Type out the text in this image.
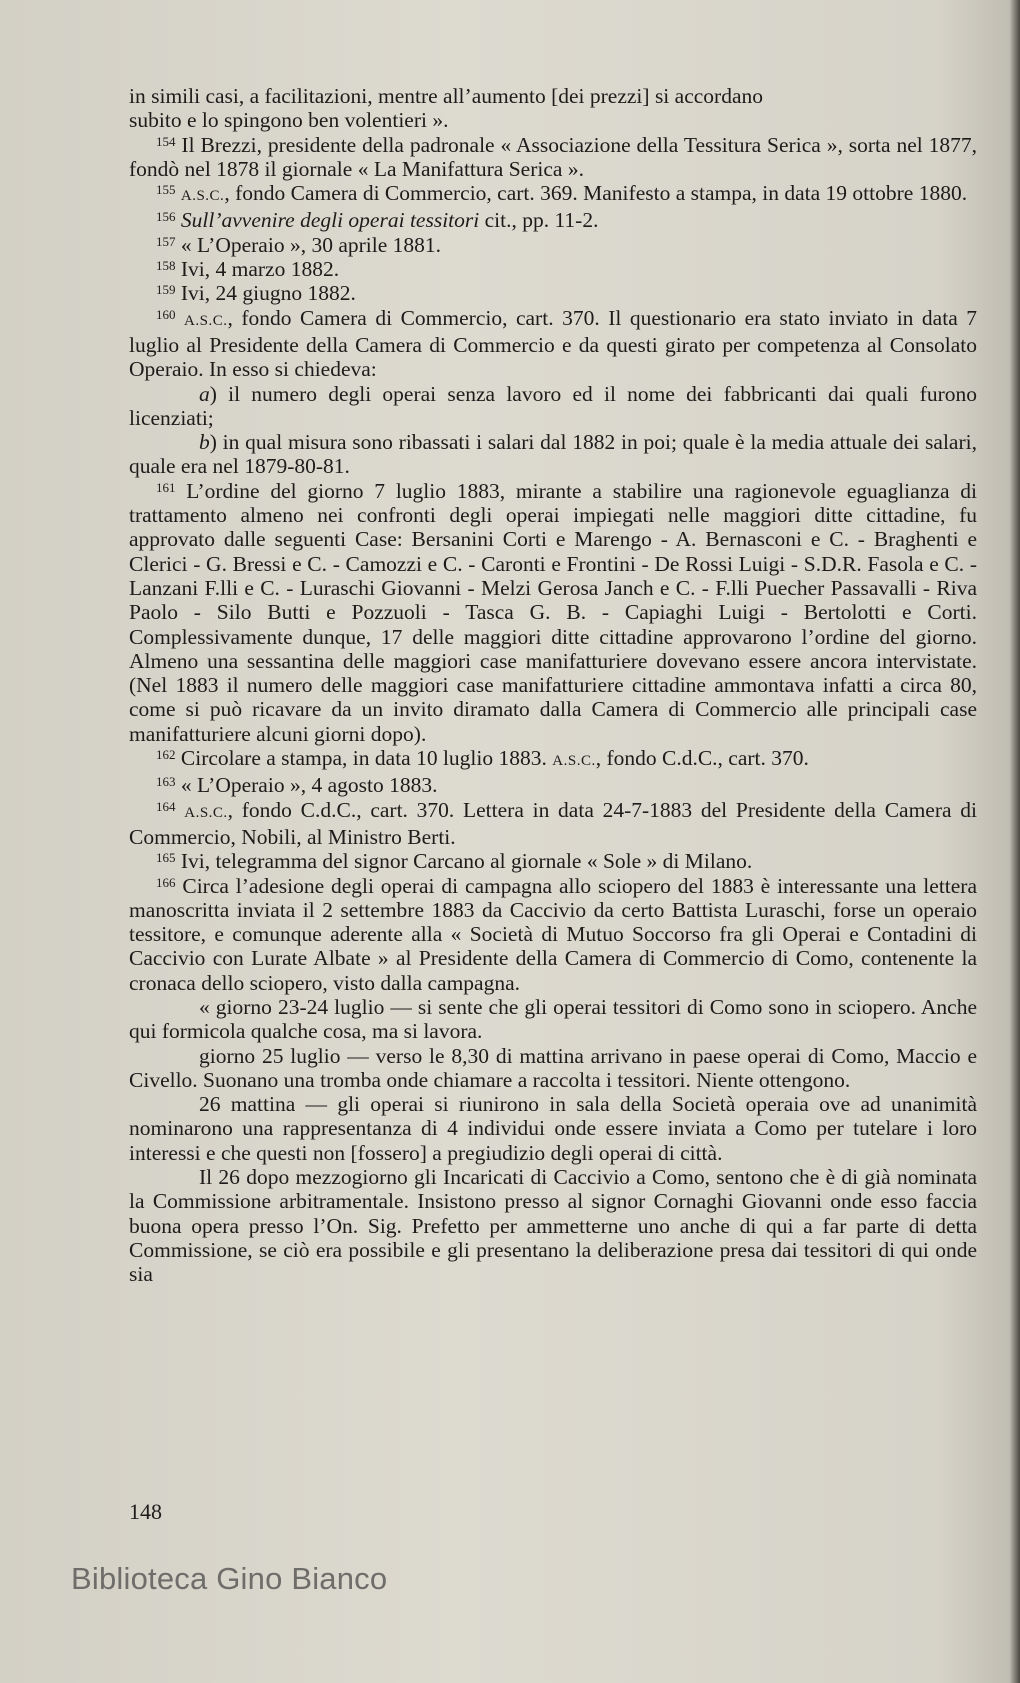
in simili casi, a facilitazioni, mentre all’aumento [dei prezzi] si accordano

subito e lo spingono ben volentieri ».

$^{154}$ Il Brezzi, presidente della padronale « Associazione della Tessitura Serica », sorta nel 1877, fondò nel 1878 il giornale « La Manifattura Serica ».

$^{155}$ A.S.C., fondo Camera di Commercio, cart. 369. Manifesto a stampa, in data 19 ottobre 1880.

$^{156}$ Sull’avvenire degli operai tessitori cit., pp. 11-2.

$^{157}$ « L’Operaio », 30 aprile 1881.

$^{158}$ Ivi, 4 marzo 1882.

$^{159}$ Ivi, 24 giugno 1882.

$^{160}$ A.S.C., fondo Camera di Commercio, cart. 370. Il questionario era stato inviato in data 7 luglio al Presidente della Camera di Commercio e da questi girato per competenza al Consolato Operaio. In esso si chiedeva:

a) il numero degli operai senza lavoro ed il nome dei fabbricanti dai quali furono licenziati;

b) in qual misura sono ribassati i salari dal 1882 in poi; quale è la media attuale dei salari, quale era nel 1879-80-81.

$^{161}$ L’ordine del giorno 7 luglio 1883, mirante a stabilire una ragionevole eguaglianza di trattamento almeno nei confronti degli operai impiegati nelle maggiori ditte cittadine, fu approvato dalle seguenti Case: Bersanini Corti e Marengo - A. Bernasconi e C. - Braghenti e Clerici - G. Bressi e C. - Camozzi e C. - Caronti e Frontini - De Rossi Luigi - S.D.R. Fasola e C. - Lanzani F.lli e C. - Luraschi Giovanni - Melzi Gerosa Janch e C. - F.lli Puecher Passavalli - Riva Paolo - Silo Butti e Pozzuoli - Tasca G. B. - Capiaghi Luigi - Bertolotti e Corti. Complessivamente dunque, 17 delle maggiori ditte cittadine approvarono l’ordine del giorno. Almeno una sessantina delle maggiori case manifatturiere dovevano essere ancora intervistate. (Nel 1883 il numero delle maggiori case manifatturiere cittadine ammontava infatti a circa 80, come si può ricavare da un invito diramato dalla Camera di Commercio alle principali case manifatturiere alcuni giorni dopo).

$^{162}$ Circolare a stampa, in data 10 luglio 1883. A.S.C., fondo C.d.C., cart. 370.

$^{163}$ « L’Operaio », 4 agosto 1883.

$^{164}$ A.S.C., fondo C.d.C., cart. 370. Lettera in data 24-7-1883 del Presidente della Camera di Commercio, Nobili, al Ministro Berti.

$^{165}$ Ivi, telegramma del signor Carcano al giornale « Sole » di Milano.

$^{166}$ Circa l’adesione degli operai di campagna allo sciopero del 1883 è interessante una lettera manoscritta inviata il 2 settembre 1883 da Caccivio da certo Battista Luraschi, forse un operaio tessitore, e comunque aderente alla « Società di Mutuo Soccorso fra gli Operai e Contadini di Caccivio con Lurate Albate » al Presidente della Camera di Commercio di Como, contenente la cronaca dello sciopero, visto dalla campagna.

« giorno 23-24 luglio — si sente che gli operai tessitori di Como sono in sciopero. Anche qui formicola qualche cosa, ma si lavora.

giorno 25 luglio — verso le 8,30 di mattina arrivano in paese operai di Como, Maccio e Civello. Suonano una tromba onde chiamare a raccolta i tessitori. Niente ottengono.

26 mattina — gli operai si riunirono in sala della Società operaia ove ad unanimità nominarono una rappresentanza di 4 individui onde essere inviata a Como per tutelare i loro interessi e che questi non [fossero] a pregiudizio degli operai di città.

Il 26 dopo mezzogiorno gli Incaricati di Caccivio a Como, sentono che è di già nominata la Commissione arbitramentale. Insistono presso al signor Cornaghi Giovanni onde esso faccia buona opera presso l’On. Sig. Prefetto per ammetterne uno anche di qui a far parte di detta Commissione, se ciò era possibile e gli presentano la deliberazione presa dai tessitori di qui onde sia

148
Biblioteca Gino Bianco
